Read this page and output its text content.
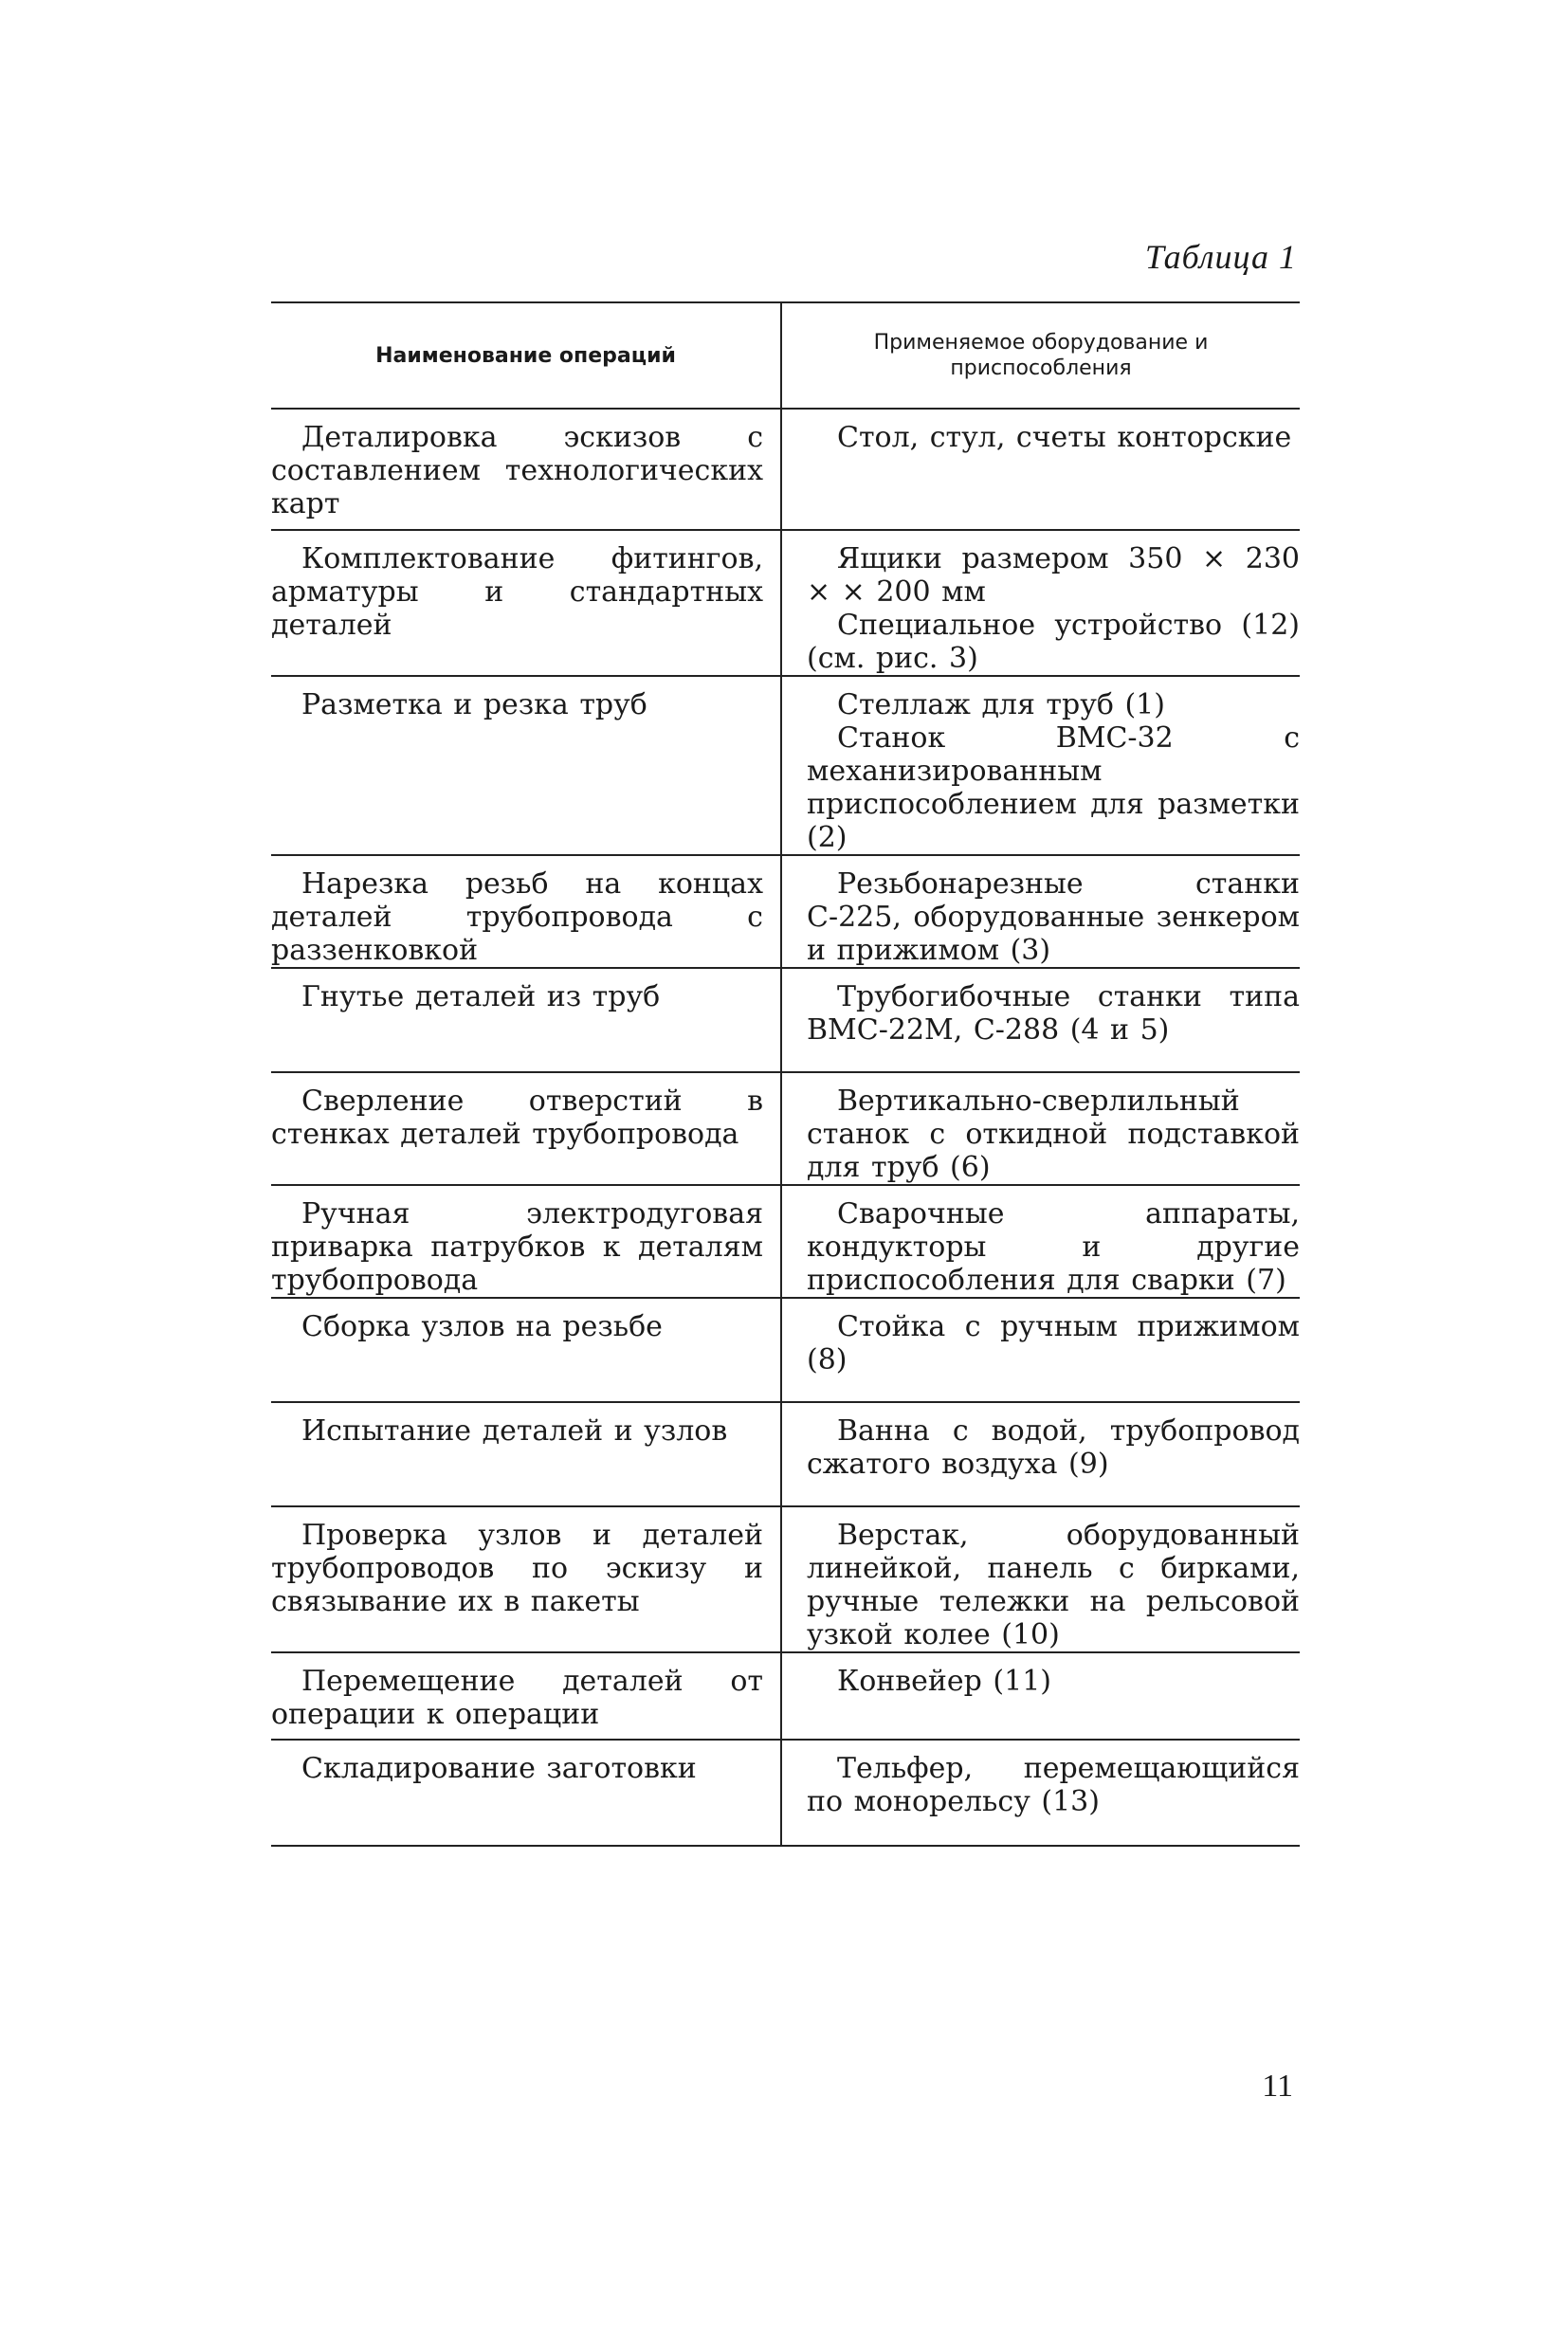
Таблица 1
Наименование операций	Применяемое оборудование и приспособления

Деталировка эскизов с составлением технологических карт	Стол, стул, счеты конторские

Комплектование фитингов, арматуры и стандартных деталей	Ящики размером 350 × 230 × × 200 мм
Специальное устройство (12) (см. рис. 3)

Разметка и резка труб	Стеллаж для труб (1)
Станок ВМС-32 с механизированным приспособлением для разметки (2)

Нарезка резьб на концах деталей трубопровода с раззенковкой	Резьбонарезные станки С-225, оборудованные зенкером и прижимом (3)

Гнутье деталей из труб	Трубогибочные станки типа ВМС-22М, С-288 (4 и 5)

Сверление отверстий в стенках деталей трубопровода	Вертикально-сверлильный станок с откидной подставкой для труб (6)

Ручная электродуговая приварка патрубков к деталям трубопровода	Сварочные аппараты, кондукторы и другие приспособления для сварки (7)

Сборка узлов на резьбе	Стойка с ручным прижимом (8)

Испытание деталей и узлов	Ванна с водой, трубопровод сжатого воздуха (9)

Проверка узлов и деталей трубопроводов по эскизу и связывание их в пакеты	Верстак, оборудованный линейкой, панель с бирками, ручные тележки на рельсовой узкой колее (10)

Перемещение деталей от операции к операции	Конвейер (11)

Складирование заготовки	Тельфер, перемещающийся по монорельсу (13)
11
